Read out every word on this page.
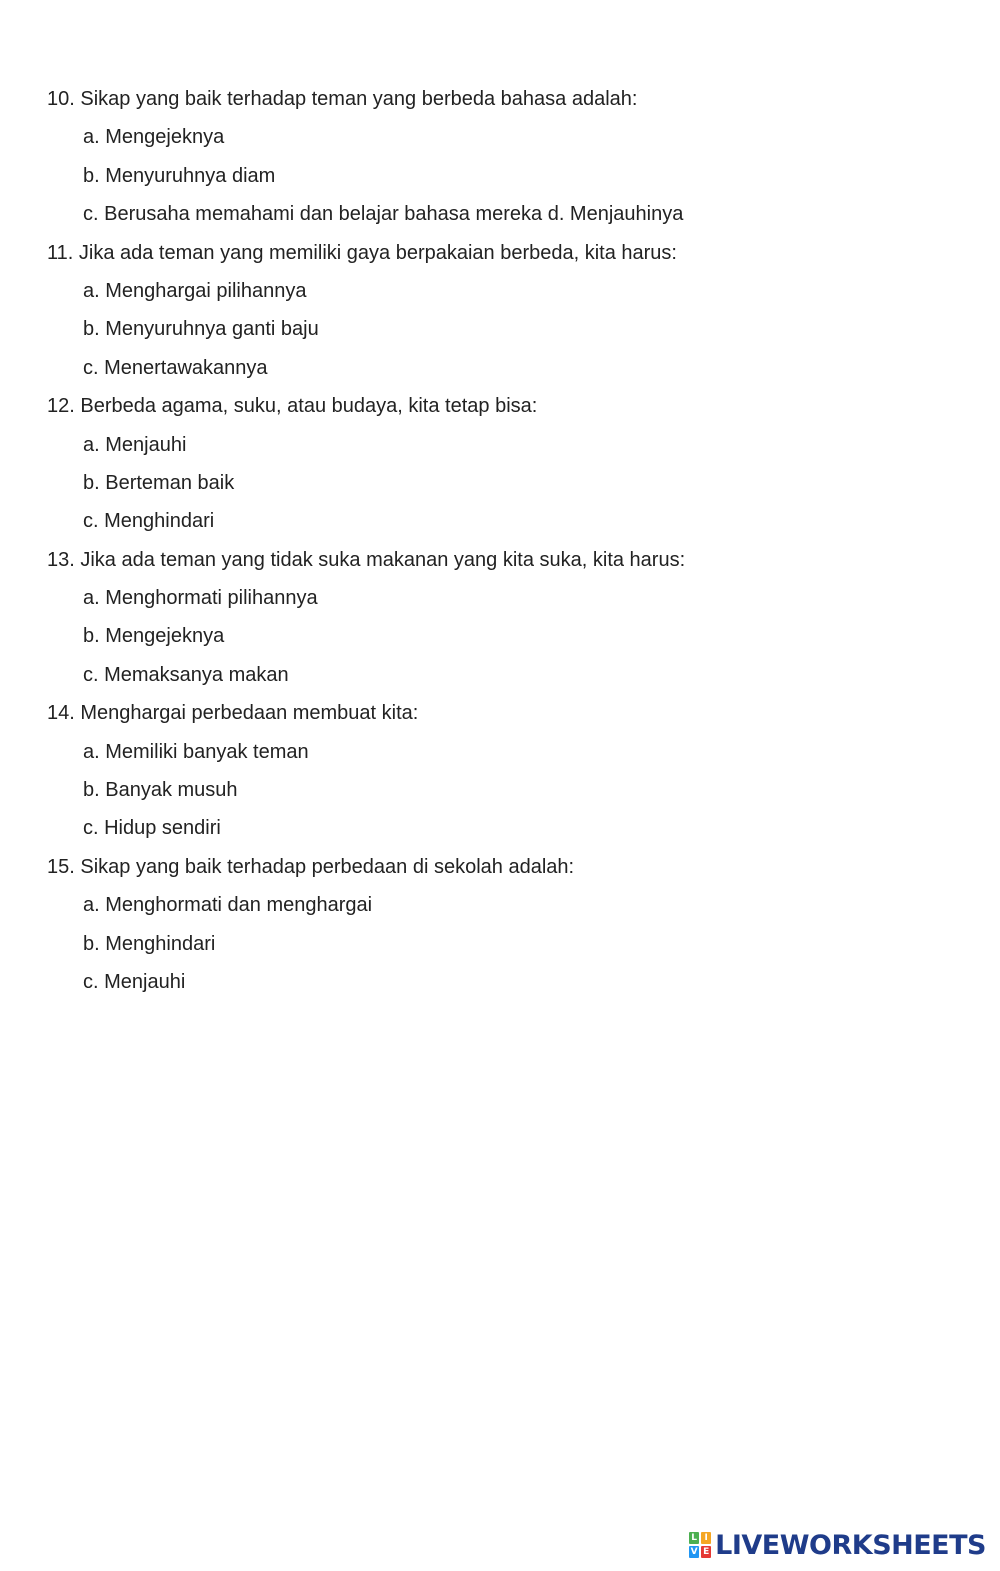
10. Sikap yang baik terhadap teman yang berbeda bahasa adalah:
a. Mengejeknya
b. Menyuruhnya diam
c. Berusaha memahami dan belajar bahasa mereka d. Menjauhinya
11. Jika ada teman yang memiliki gaya berpakaian berbeda, kita harus:
a. Menghargai pilihannya
b. Menyuruhnya ganti baju
c. Menertawakannya
12. Berbeda agama, suku, atau budaya, kita tetap bisa:
a. Menjauhi
b. Berteman baik
c. Menghindari
13. Jika ada teman yang tidak suka makanan yang kita suka, kita harus:
a. Menghormati pilihannya
b. Mengejeknya
c. Memaksanya makan
14. Menghargai perbedaan membuat kita:
a. Memiliki banyak teman
b. Banyak musuh
c. Hidup sendiri
15. Sikap yang baik terhadap perbedaan di sekolah adalah:
a. Menghormati dan menghargai
b. Menghindari
c. Menjauhi
L I
V E LIVEWORKSHEETS
